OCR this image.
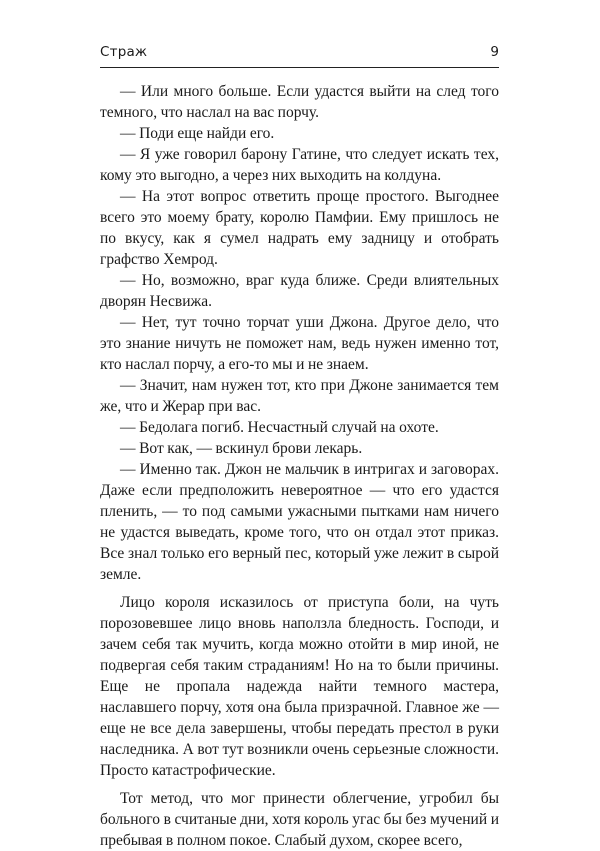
Страж	9

— Или много больше. Если удастся выйти на след того темного, что наслал на вас порчу.

— Поди еще найди его.

— Я уже говорил барону Гатине, что следует искать тех, кому это выгодно, а через них выходить на колдуна.

— На этот вопрос ответить проще простого. Выгоднее всего это моему брату, королю Памфии. Ему пришлось не по вкусу, как я сумел надрать ему задницу и отобрать графство Хемрод.

— Но, возможно, враг куда ближе. Среди влиятельных дворян Несвижа.

— Нет, тут точно торчат уши Джона. Другое дело, что это знание ничуть не поможет нам, ведь нужен именно тот, кто наслал порчу, а его-то мы и не знаем.

— Значит, нам нужен тот, кто при Джоне занимается тем же, что и Жерар при вас.

— Бедолага погиб. Несчастный случай на охоте.

— Вот как, — вскинул брови лекарь.

— Именно так. Джон не мальчик в интригах и заговорах. Даже если предположить невероятное — что его удастся пленить, — то под самыми ужасными пытками нам ничего не удастся выведать, кроме того, что он отдал этот приказ. Все знал только его верный пес, который уже лежит в сырой земле.

Лицо короля исказилось от приступа боли, на чуть порозовевшее лицо вновь наползла бледность. Господи, и зачем себя так мучить, когда можно отойти в мир иной, не подвергая себя таким страданиям! Но на то были причины. Еще не пропала надежда найти темного мастера, наславшего порчу, хотя она была призрачной. Главное же — еще не все дела завершены, чтобы передать престол в руки наследника. А вот тут возникли очень серьезные сложности. Просто катастрофические.

Тот метод, что мог принести облегчение, угробил бы больного в считаные дни, хотя король угас бы без мучений и пребывая в полном покое. Слабый духом, скорее всего,
